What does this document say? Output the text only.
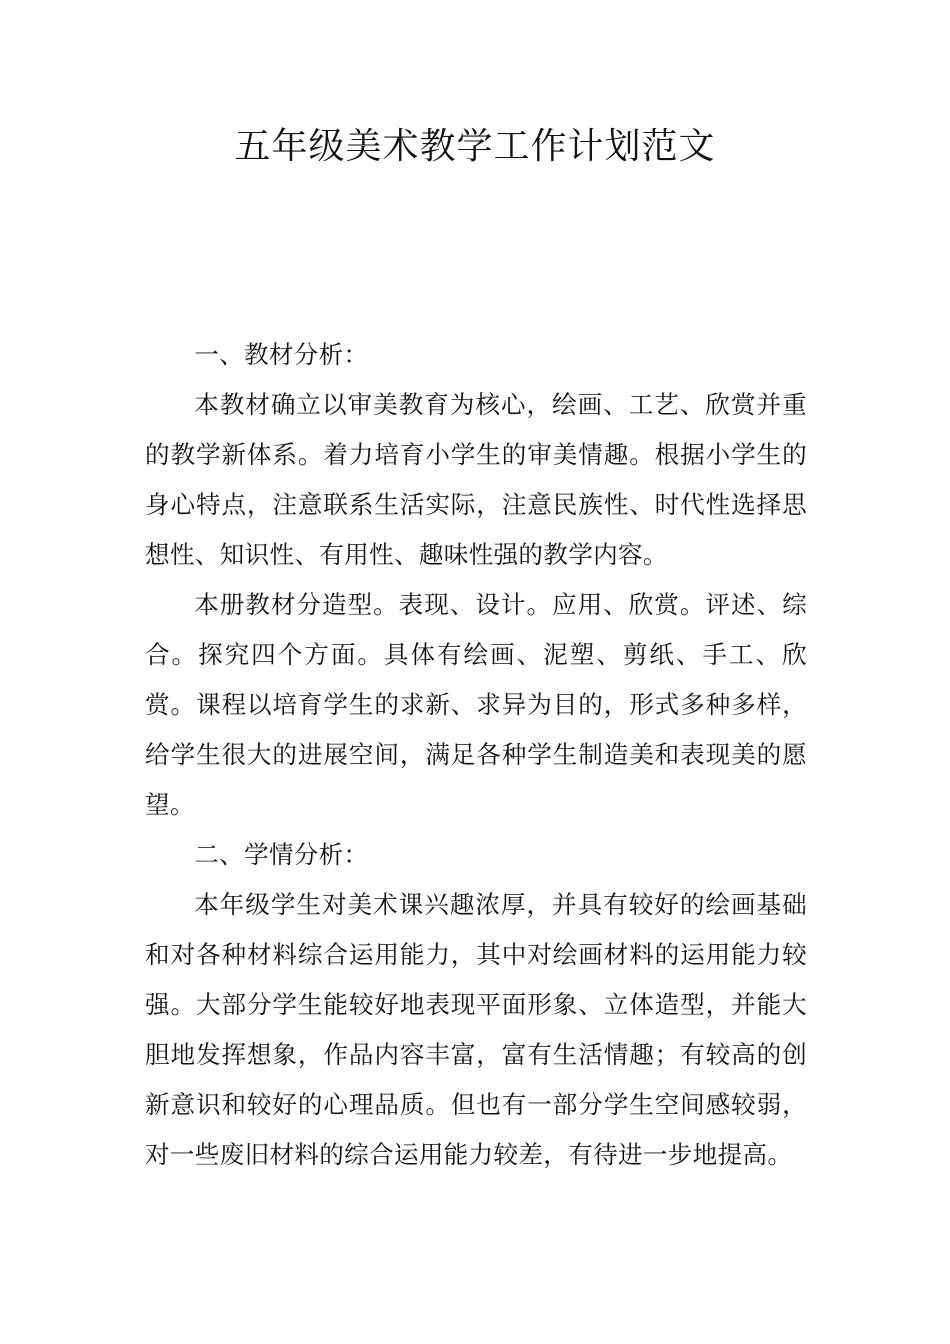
五年级美术教学工作计划范文

一、教材分析：

本教材确立以审美教育为核心，绘画、工艺、欣赏并重的教学新体系。着力培育小学生的审美情趣。根据小学生的身心特点，注意联系生活实际，注意民族性、时代性选择思想性、知识性、有用性、趣味性强的教学内容。

本册教材分造型。表现、设计。应用、欣赏。评述、综合。探究四个方面。具体有绘画、泥塑、剪纸、手工、欣赏。课程以培育学生的求新、求异为目的，形式多种多样，给学生很大的进展空间，满足各种学生制造美和表现美的愿望。

二、学情分析：

本年级学生对美术课兴趣浓厚，并具有较好的绘画基础和对各种材料综合运用能力，其中对绘画材料的运用能力较强。大部分学生能较好地表现平面形象、立体造型，并能大胆地发挥想象，作品内容丰富，富有生活情趣；有较高的创新意识和较好的心理品质。但也有一部分学生空间感较弱，对一些废旧材料的综合运用能力较差，有待进一步地提高。
